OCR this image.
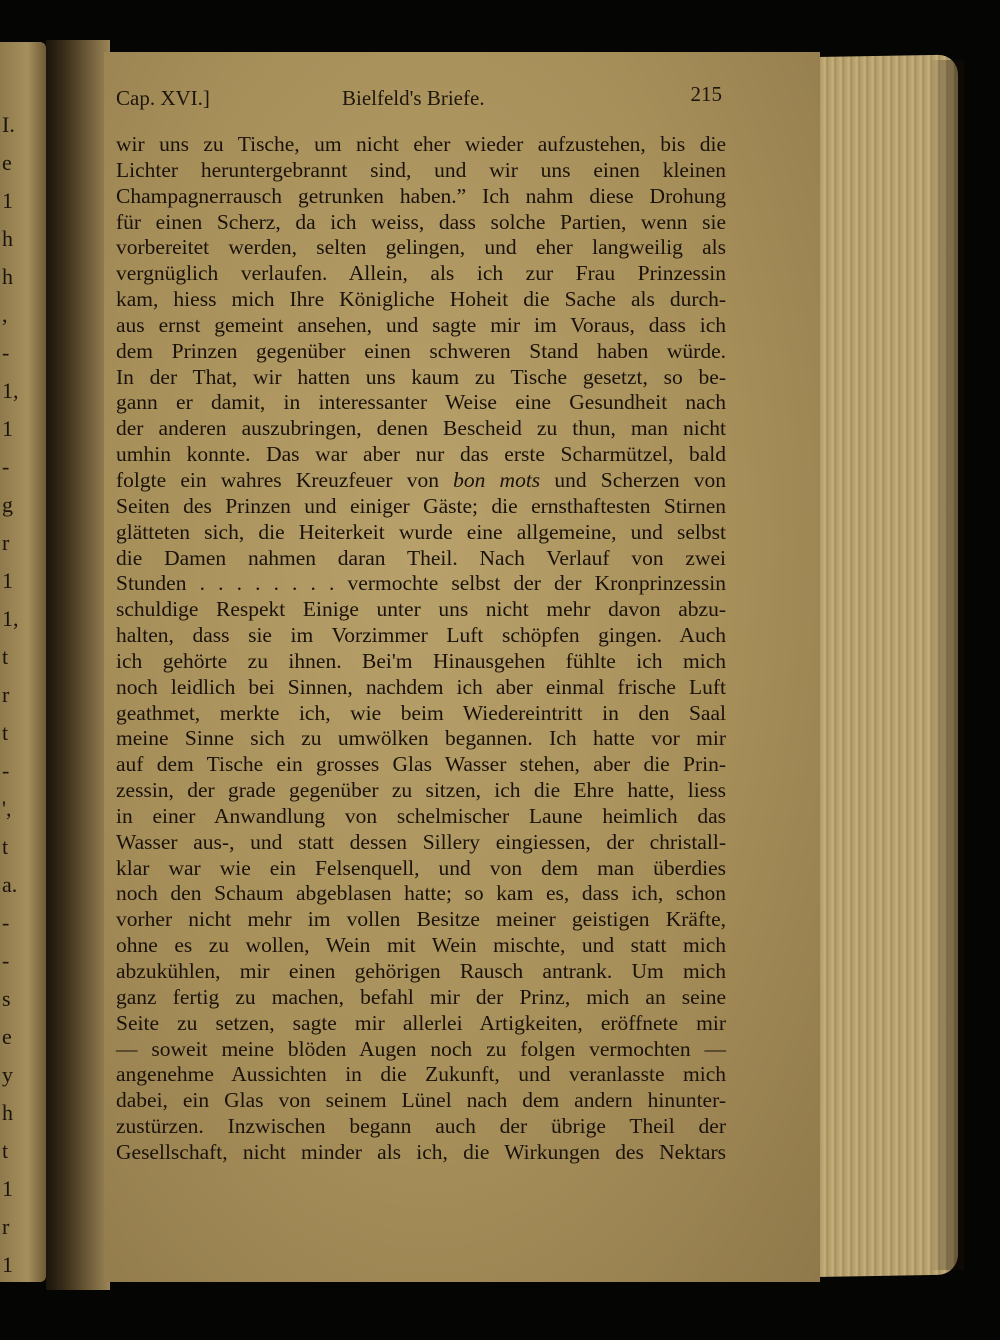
I.
e
1
h
h
,
-
1,
1
-
g
r
1
1,
t
r
t
-
',
t
a.
-
-
s
e
y
h
t
1
r
1
Cap. XVI.]	Bielfeld's Briefe.	215
wir uns zu Tische, um nicht eher wieder aufzustehen, bis die
Lichter heruntergebrannt sind, und wir uns einen kleinen
Champagnerrausch getrunken haben.” Ich nahm diese Drohung
für einen Scherz, da ich weiss, dass solche Partien, wenn sie
vorbereitet werden, selten gelingen, und eher langweilig als
vergnüglich verlaufen. Allein, als ich zur Frau Prinzessin
kam, hiess mich Ihre Königliche Hoheit die Sache als durch-
aus ernst gemeint ansehen, und sagte mir im Voraus, dass ich
dem Prinzen gegenüber einen schweren Stand haben würde.
In der That, wir hatten uns kaum zu Tische gesetzt, so be-
gann er damit, in interessanter Weise eine Gesundheit nach
der anderen auszubringen, denen Bescheid zu thun, man nicht
umhin konnte. Das war aber nur das erste Scharmützel, bald
folgte ein wahres Kreuzfeuer von bon mots und Scherzen von
Seiten des Prinzen und einiger Gäste; die ernsthaftesten Stirnen
glätteten sich, die Heiterkeit wurde eine allgemeine, und selbst
die Damen nahmen daran Theil. Nach Verlauf von zwei
Stunden . . . . . . . . vermochte selbst der der Kronprinzessin
schuldige Respekt Einige unter uns nicht mehr davon abzu-
halten, dass sie im Vorzimmer Luft schöpfen gingen. Auch
ich gehörte zu ihnen. Bei'm Hinausgehen fühlte ich mich
noch leidlich bei Sinnen, nachdem ich aber einmal frische Luft
geathmet, merkte ich, wie beim Wiedereintritt in den Saal
meine Sinne sich zu umwölken begannen. Ich hatte vor mir
auf dem Tische ein grosses Glas Wasser stehen, aber die Prin-
zessin, der grade gegenüber zu sitzen, ich die Ehre hatte, liess
in einer Anwandlung von schelmischer Laune heimlich das
Wasser aus-, und statt dessen Sillery eingiessen, der christall-
klar war wie ein Felsenquell, und von dem man überdies
noch den Schaum abgeblasen hatte; so kam es, dass ich, schon
vorher nicht mehr im vollen Besitze meiner geistigen Kräfte,
ohne es zu wollen, Wein mit Wein mischte, und statt mich
abzukühlen, mir einen gehörigen Rausch antrank. Um mich
ganz fertig zu machen, befahl mir der Prinz, mich an seine
Seite zu setzen, sagte mir allerlei Artigkeiten, eröffnete mir
— soweit meine blöden Augen noch zu folgen vermochten —
angenehme Aussichten in die Zukunft, und veranlasste mich
dabei, ein Glas von seinem Lünel nach dem andern hinunter-
zustürzen. Inzwischen begann auch der übrige Theil der
Gesellschaft, nicht minder als ich, die Wirkungen des Nektars
